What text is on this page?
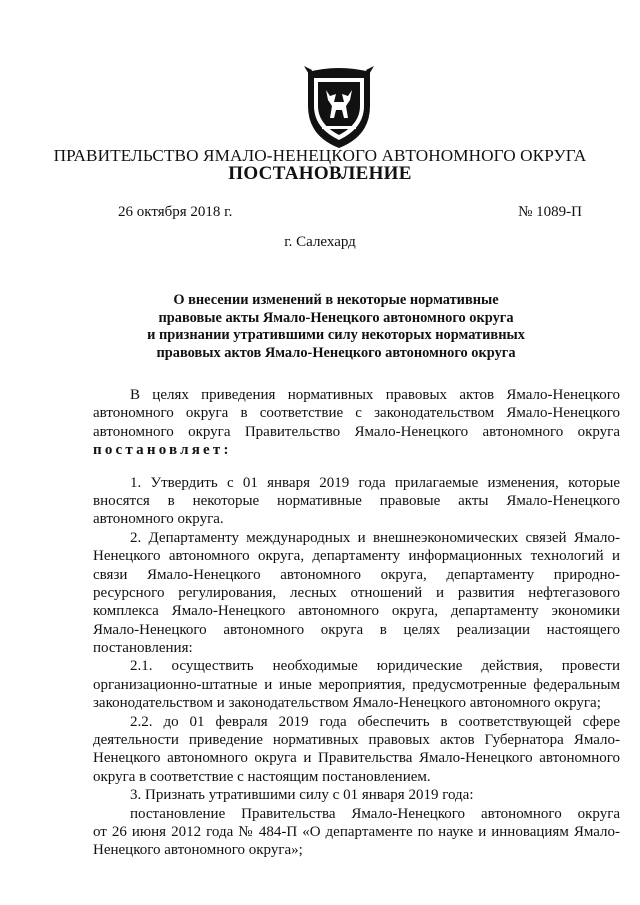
ПРАВИТЕЛЬСТВО ЯМАЛО-НЕНЕЦКОГО АВТОНОМНОГО ОКРУГА
ПОСТАНОВЛЕНИЕ
26 октября 2018 г.	№ 1089-П
г. Салехард
О внесении изменений в некоторые нормативные
правовые акты Ямало-Ненецкого автономного округа
и признании утратившими силу некоторых нормативных
правовых актов Ямало-Ненецкого автономного округа
В целях приведения нормативных правовых актов Ямало-Ненецкого
автономного округа в соответствие с законодательством Ямало-Ненецкого
автономного округа Правительство Ямало-Ненецкого автономного округа
постановляет:
1. Утвердить с 01 января 2019 года прилагаемые изменения, которые
вносятся в некоторые нормативные правовые акты Ямало-Ненецкого
автономного округа.
2. Департаменту международных и внешнеэкономических связей Ямало-
Ненецкого автономного округа, департаменту информационных технологий и
связи Ямало-Ненецкого автономного округа, департаменту природно-
ресурсного регулирования, лесных отношений и развития нефтегазового
комплекса Ямало-Ненецкого автономного округа, департаменту экономики
Ямало-Ненецкого автономного округа в целях реализации настоящего
постановления:
2.1. осуществить необходимые юридические действия, провести
организационно-штатные и иные мероприятия, предусмотренные федеральным
законодательством и законодательством Ямало-Ненецкого автономного округа;
2.2. до 01 февраля 2019 года обеспечить в соответствующей сфере
деятельности приведение нормативных правовых актов Губернатора Ямало-
Ненецкого автономного округа и Правительства Ямало-Ненецкого автономного
округа в соответствие с настоящим постановлением.
3. Признать утратившими силу с 01 января 2019 года:
постановление Правительства Ямало-Ненецкого автономного округа
от 26 июня 2012 года № 484-П «О департаменте по науке и инновациям Ямало-
Ненецкого автономного округа»;
